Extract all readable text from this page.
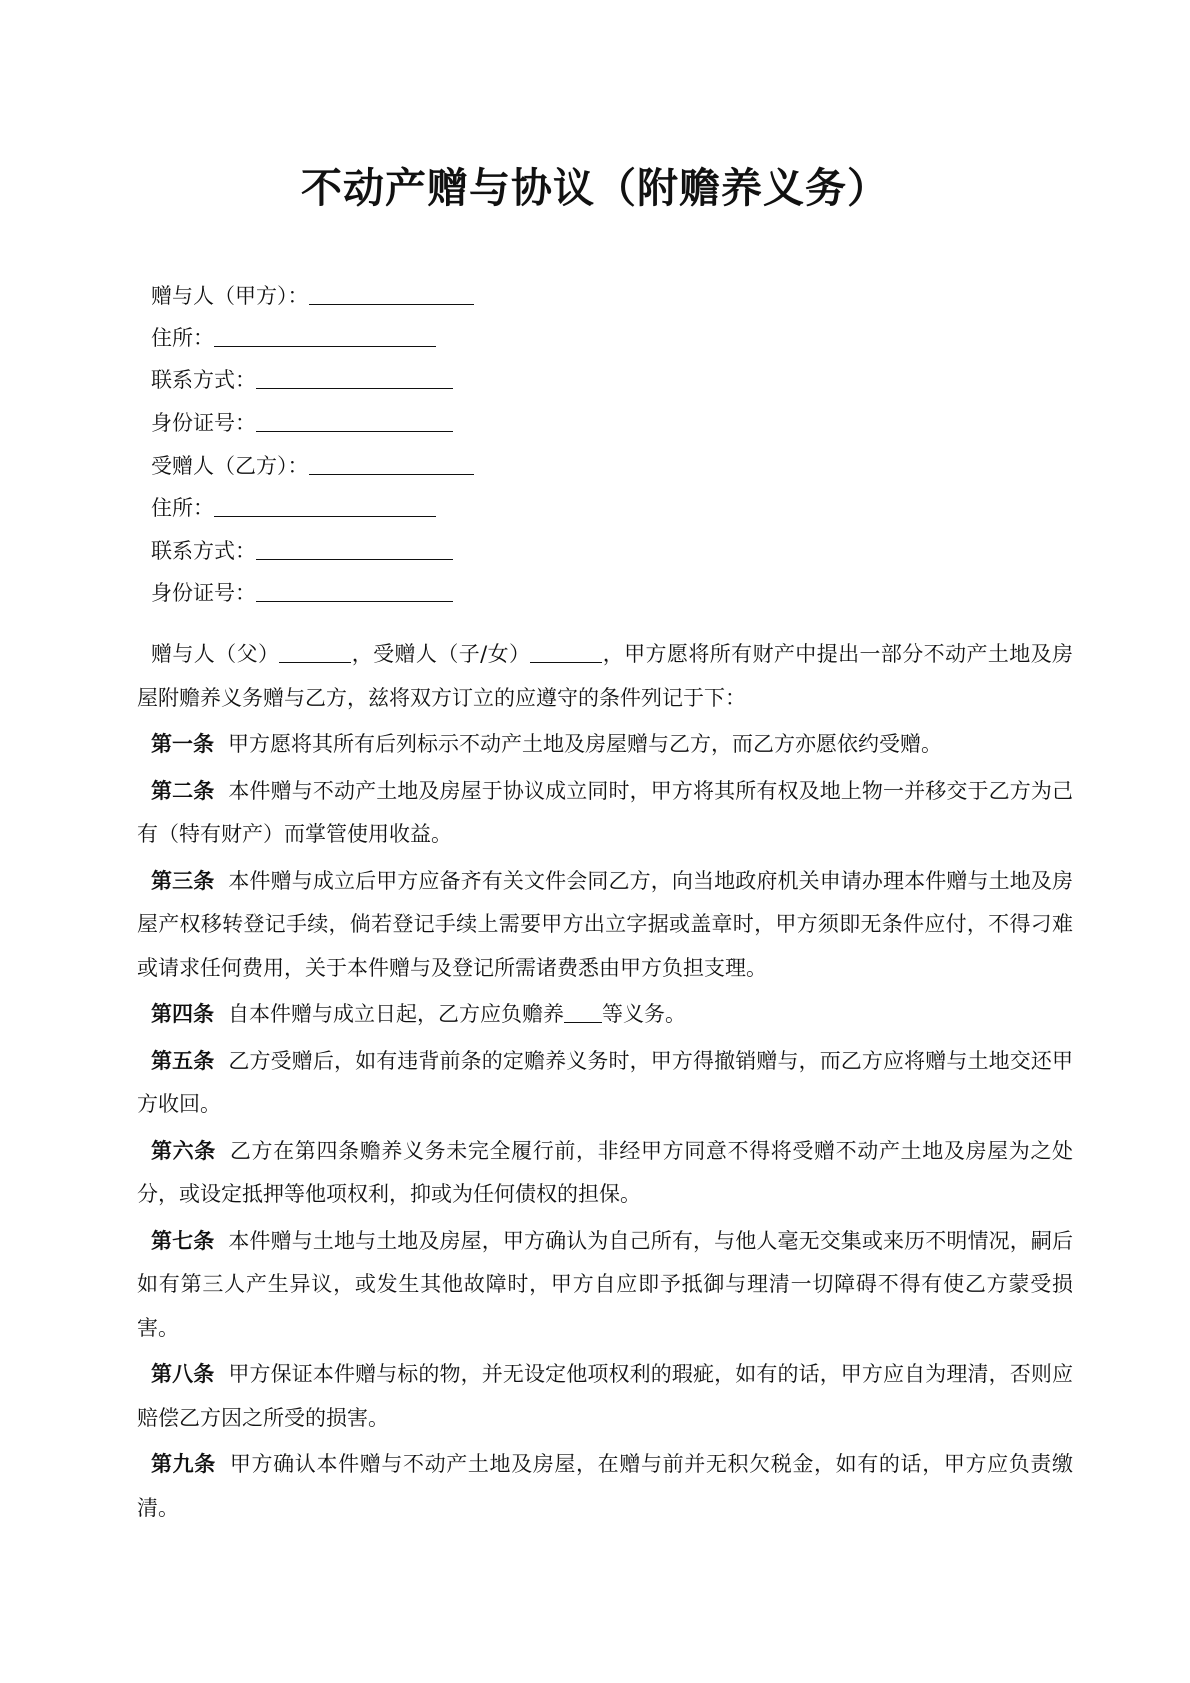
不动产赠与协议（附赡养义务）
赠与人（甲方）：
住所：
联系方式：
身份证号：
受赠人（乙方）：
住所：
联系方式：
身份证号：

赠与人（父）	，受赠人（子/女）	，甲方愿将所有财产中提出一部分不动产土地及房屋附赡养义务赠与乙方，兹将双方订立的应遵守的条件列记于下：

第一条 甲方愿将其所有后列标示不动产土地及房屋赠与乙方，而乙方亦愿依约受赠。

第二条 本件赠与不动产土地及房屋于协议成立同时，甲方将其所有权及地上物一并移交于乙方为己有（特有财产）而掌管使用收益。

第三条 本件赠与成立后甲方应备齐有关文件会同乙方，向当地政府机关申请办理本件赠与土地及房屋产权移转登记手续，倘若登记手续上需要甲方出立字据或盖章时，甲方须即无条件应付，不得刁难或请求任何费用，关于本件赠与及登记所需诸费悉由甲方负担支理。

第四条 自本件赠与成立日起，乙方应负赡养 等义务。

第五条 乙方受赠后，如有违背前条的定赡养义务时，甲方得撤销赠与，而乙方应将赠与土地交还甲方收回。

第六条 乙方在第四条赡养义务未完全履行前，非经甲方同意不得将受赠不动产土地及房屋为之处分，或设定抵押等他项权利，抑或为任何债权的担保。

第七条 本件赠与土地与土地及房屋，甲方确认为自己所有，与他人毫无交集或来历不明情况，嗣后如有第三人产生异议，或发生其他故障时，甲方自应即予抵御与理清一切障碍不得有使乙方蒙受损害。

第八条 甲方保证本件赠与标的物，并无设定他项权利的瑕疵，如有的话，甲方应自为理清，否则应赔偿乙方因之所受的损害。

第九条 甲方确认本件赠与不动产土地及房屋，在赠与前并无积欠税金，如有的话，甲方应负责缴清。
